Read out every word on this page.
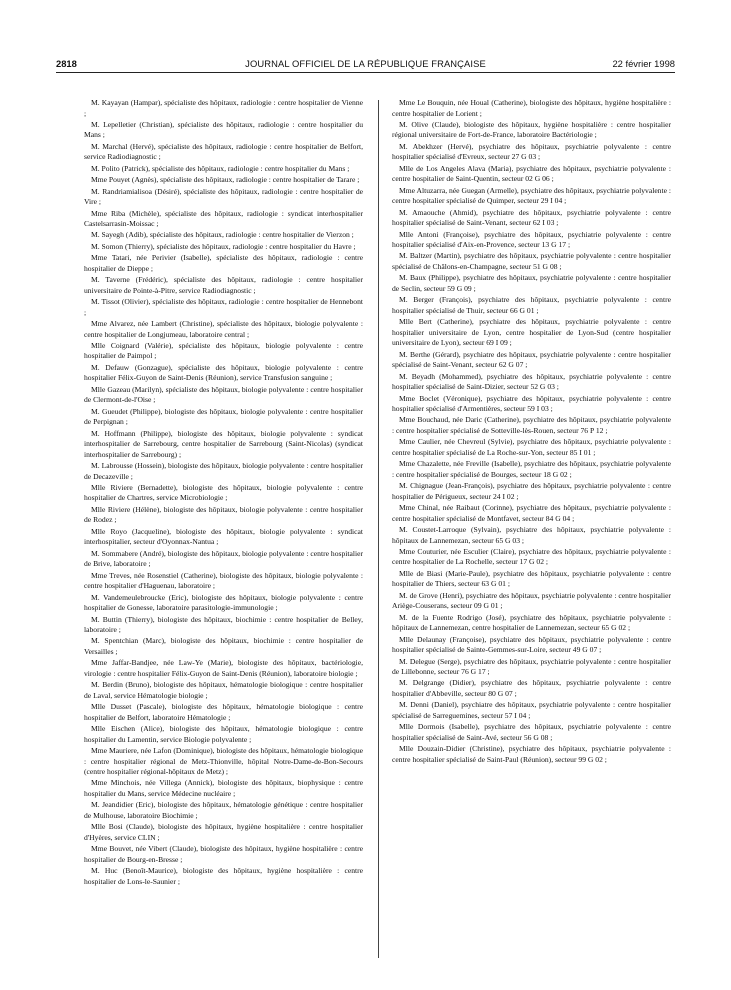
2818	JOURNAL OFFICIEL DE LA RÉPUBLIQUE FRANÇAISE	22 février 1998

M. Kayayan (Hampar), spécialiste des hôpitaux, radiologie : centre hospitalier de Vienne ;

M. Lepelletier (Christian), spécialiste des hôpitaux, radiologie : centre hospitalier du Mans ;

M. Marchal (Hervé), spécialiste des hôpitaux, radiologie : centre hospitalier de Belfort, service Radiodiagnostic ;

M. Polito (Patrick), spécialiste des hôpitaux, radiologie : centre hospitalier du Mans ;

Mme Pouyet (Agnès), spécialiste des hôpitaux, radiologie : centre hospitalier de Tarare ;

M. Randriamialisoa (Désiré), spécialiste des hôpitaux, radiologie : centre hospitalier de Vire ;

Mme Riba (Michèle), spécialiste des hôpitaux, radiologie : syndicat interhospitalier Castelsarrasin-Moissac ;

M. Sayegh (Adib), spécialiste des hôpitaux, radiologie : centre hospitalier de Vierzon ;

M. Somon (Thierry), spécialiste des hôpitaux, radiologie : centre hospitalier du Havre ;

Mme Tatari, née Perivier (Isabelle), spécialiste des hôpitaux, radiologie : centre hospitalier de Dieppe ;

M. Taverne (Frédéric), spécialiste des hôpitaux, radiologie : centre hospitalier universitaire de Pointe-à-Pitre, service Radiodiagnostic ;

M. Tissot (Olivier), spécialiste des hôpitaux, radiologie : centre hospitalier de Hennebont ;

Mme Alvarez, née Lambert (Christine), spécialiste des hôpitaux, biologie polyvalente : centre hospitalier de Longjumeau, laboratoire central ;

Mlle Coignard (Valérie), spécialiste des hôpitaux, biologie polyvalente : centre hospitalier de Paimpol ;

M. Defauw (Gonzague), spécialiste des hôpitaux, biologie polyvalente : centre hospitalier Félix-Guyon de Saint-Denis (Réunion), service Transfusion sanguine ;

Mlle Gazeau (Marilyn), spécialiste des hôpitaux, biologie polyvalente : centre hospitalier de Clermont-de-l'Oise ;

M. Gueudet (Philippe), biologiste des hôpitaux, biologie polyvalente : centre hospitalier de Perpignan ;

M. Hoffmann (Philippe), biologiste des hôpitaux, biologie polyvalente : syndicat interhospitalier de Sarrebourg, centre hospitalier de Sarrebourg (Saint-Nicolas) (syndicat interhospitalier de Sarrebourg) ;

M. Labrousse (Hossein), biologiste des hôpitaux, biologie polyvalente : centre hospitalier de Decazeville ;

Mlle Riviere (Bernadette), biologiste des hôpitaux, biologie polyvalente : centre hospitalier de Chartres, service Microbiologie ;

Mlle Riviere (Hélène), biologiste des hôpitaux, biologie polyvalente : centre hospitalier de Rodez ;

Mlle Royo (Jacqueline), biologiste des hôpitaux, biologie polyvalente : syndicat interhospitalier, secteur d'Oyonnax-Nantua ;

M. Sommabere (André), biologiste des hôpitaux, biologie polyvalente : centre hospitalier de Brive, laboratoire ;

Mme Treves, née Rosenstiel (Catherine), biologiste des hôpitaux, biologie polyvalente : centre hospitalier d'Haguenau, laboratoire ;

M. Vandemeulebroucke (Eric), biologiste des hôpitaux, biologie polyvalente : centre hospitalier de Gonesse, laboratoire parasitologie-immunologie ;

M. Buttin (Thierry), biologiste des hôpitaux, biochimie : centre hospitalier de Belley, laboratoire ;

M. Spentchian (Marc), biologiste des hôpitaux, biochimie : centre hospitalier de Versailles ;

Mme Jaffar-Bandjee, née Law-Ye (Marie), biologiste des hôpitaux, bactériologie, virologie : centre hospitalier Félix-Guyon de Saint-Denis (Réunion), laboratoire biologie ;

M. Berdin (Bruno), biologiste des hôpitaux, hématologie biologique : centre hospitalier de Laval, service Hématologie biologie ;

Mlle Dusset (Pascale), biologiste des hôpitaux, hématologie biologique : centre hospitalier de Belfort, laboratoire Hématologie ;

Mlle Eischen (Alice), biologiste des hôpitaux, hématologie biologique : centre hospitalier du Lamentin, service Biologie polyvalente ;

Mme Mauriere, née Lafon (Dominique), biologiste des hôpitaux, hématologie biologique : centre hospitalier régional de Metz-Thionville, hôpital Notre-Dame-de-Bon-Secours (centre hospitalier régional-hôpitaux de Metz) ;

Mme Minchois, née Villega (Annick), biologiste des hôpitaux, biophysique : centre hospitalier du Mans, service Médecine nucléaire ;

M. Jeandidier (Eric), biologiste des hôpitaux, hématologie génétique : centre hospitalier de Mulhouse, laboratoire Biochimie ;

Mlle Bosi (Claude), biologiste des hôpitaux, hygiène hospitalière : centre hospitalier d'Hyères, service CLIN ;

Mme Bouvet, née Vibert (Claude), biologiste des hôpitaux, hygiène hospitalière : centre hospitalier de Bourg-en-Bresse ;

M. Huc (Benoît-Maurice), biologiste des hôpitaux, hygiène hospitalière : centre hospitalier de Lons-le-Saunier ;

Mme Le Bouquin, née Houal (Catherine), biologiste des hôpitaux, hygiène hospitalière : centre hospitalier de Lorient ;

M. Olive (Claude), biologiste des hôpitaux, hygiène hospitalière : centre hospitalier régional universitaire de Fort-de-France, laboratoire Bactériologie ;

M. Abekhzer (Hervé), psychiatre des hôpitaux, psychiatrie polyvalente : centre hospitalier spécialisé d'Evreux, secteur 27 G 03 ;

Mlle de Los Angeles Alava (Maria), psychiatre des hôpitaux, psychiatrie polyvalente : centre hospitalier de Saint-Quentin, secteur 02 G 06 ;

Mme Altuzarra, née Guegan (Armelle), psychiatre des hôpitaux, psychiatrie polyvalente : centre hospitalier spécialisé de Quimper, secteur 29 I 04 ;

M. Amaouche (Ahmid), psychiatre des hôpitaux, psychiatrie polyvalente : centre hospitalier spécialisé de Saint-Venant, secteur 62 I 03 ;

Mlle Antoni (Françoise), psychiatre des hôpitaux, psychiatrie polyvalente : centre hospitalier spécialisé d'Aix-en-Provence, secteur 13 G 17 ;

M. Baltzer (Martin), psychiatre des hôpitaux, psychiatrie polyvalente : centre hospitalier spécialisé de Châlons-en-Champagne, secteur 51 G 08 ;

M. Baux (Philippe), psychiatre des hôpitaux, psychiatrie polyvalente : centre hospitalier de Seclin, secteur 59 G 09 ;

M. Berger (François), psychiatre des hôpitaux, psychiatrie polyvalente : centre hospitalier spécialisé de Thuir, secteur 66 G 01 ;

Mlle Bert (Catherine), psychiatre des hôpitaux, psychiatrie polyvalente : centre hospitalier universitaire de Lyon, centre hospitalier de Lyon-Sud (centre hospitalier universitaire de Lyon), secteur 69 I 09 ;

M. Berthe (Gérard), psychiatre des hôpitaux, psychiatrie polyvalente : centre hospitalier spécialisé de Saint-Venant, secteur 62 G 07 ;

M. Beyadh (Mohammed), psychiatre des hôpitaux, psychiatrie polyvalente : centre hospitalier spécialisé de Saint-Dizier, secteur 52 G 03 ;

Mme Boclet (Véronique), psychiatre des hôpitaux, psychiatrie polyvalente : centre hospitalier spécialisé d'Armentières, secteur 59 I 03 ;

Mme Bouchaud, née Daric (Catherine), psychiatre des hôpitaux, psychiatrie polyvalente : centre hospitalier spécialisé de Sotteville-lès-Rouen, secteur 76 P 12 ;

Mme Caulier, née Chevreul (Sylvie), psychiatre des hôpitaux, psychiatrie polyvalente : centre hospitalier spécialisé de La Roche-sur-Yon, secteur 85 I 01 ;

Mme Chazalette, née Freville (Isabelle), psychiatre des hôpitaux, psychiatrie polyvalente : centre hospitalier spécialisé de Bourges, secteur 18 G 02 ;

M. Chignague (Jean-François), psychiatre des hôpitaux, psychiatrie polyvalente : centre hospitalier de Périgueux, secteur 24 I 02 ;

Mme Chinal, née Raibaut (Corinne), psychiatre des hôpitaux, psychiatrie polyvalente : centre hospitalier spécialisé de Montfavet, secteur 84 G 04 ;

M. Coustet-Larroque (Sylvain), psychiatre des hôpitaux, psychiatrie polyvalente : hôpitaux de Lannemezan, secteur 65 G 03 ;

Mme Couturier, née Esculier (Claire), psychiatre des hôpitaux, psychiatrie polyvalente : centre hospitalier de La Rochelle, secteur 17 G 02 ;

Mlle de Biasi (Marie-Paule), psychiatre des hôpitaux, psychiatrie polyvalente : centre hospitalier de Thiers, secteur 63 G 01 ;

M. de Grove (Henri), psychiatre des hôpitaux, psychiatrie polyvalente : centre hospitalier Ariège-Couserans, secteur 09 G 01 ;

M. de la Fuente Rodrigo (José), psychiatre des hôpitaux, psychiatrie polyvalente : hôpitaux de Lannemezan, centre hospitalier de Lannemezan, secteur 65 G 02 ;

Mlle Delaunay (Françoise), psychiatre des hôpitaux, psychiatrie polyvalente : centre hospitalier spécialisé de Sainte-Gemmes-sur-Loire, secteur 49 G 07 ;

M. Delegue (Serge), psychiatre des hôpitaux, psychiatrie polyvalente : centre hospitalier de Lillebonne, secteur 76 G 17 ;

M. Delgrange (Didier), psychiatre des hôpitaux, psychiatrie polyvalente : centre hospitalier d'Abbeville, secteur 80 G 07 ;

M. Denni (Daniel), psychiatre des hôpitaux, psychiatrie polyvalente : centre hospitalier spécialisé de Sarreguemines, secteur 57 I 04 ;

Mlle Dormois (Isabelle), psychiatre des hôpitaux, psychiatrie polyvalente : centre hospitalier spécialisé de Saint-Avé, secteur 56 G 08 ;

Mlle Douzain-Didier (Christine), psychiatre des hôpitaux, psychiatrie polyvalente : centre hospitalier spécialisé de Saint-Paul (Réunion), secteur 99 G 02 ;
